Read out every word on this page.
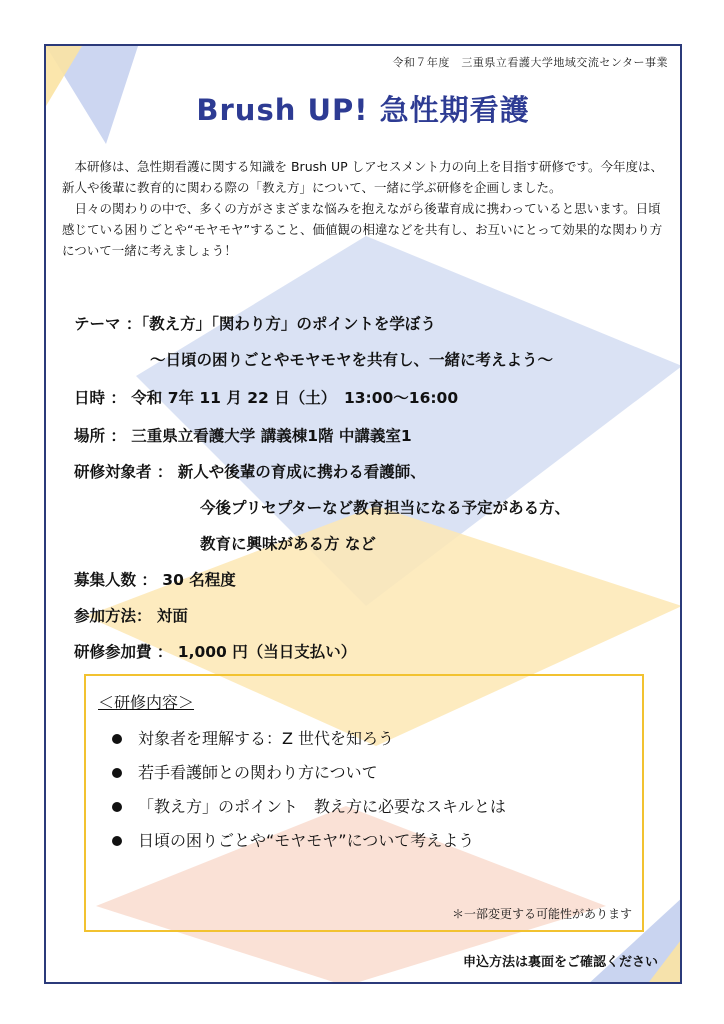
令和７年度　三重県立看護大学地域交流センター事業
Brush UP! 急性期看護

本研修は、急性期看護に関する知識を Brush UP しアセスメント力の向上を目指す研修です。今年度は、新人や後輩に教育的に関わる際の「教え方」について、一緒に学ぶ研修を企画しました。

日々の関わりの中で、多くの方がさまざまな悩みを抱えながら後輩育成に携わっていると思います。日頃感じている困りごとや“モヤモヤ”すること、価値観の相違などを共有し、お互いにとって効果的な関わり方について一緒に考えましょう！

テーマ ：「教え方」「関わり方」のポイントを学ぼう
～日頃の困りごとやモヤモヤを共有し、一緒に考えよう～
日時 ： 令和 7年 11 月 22 日（土）　13:00～16:00
場所 ： 三重県立看護大学 講義棟1階 中講義室1
研修対象者 ： 新人や後輩の育成に携わる看護師、
今後プリセプターなど教育担当になる予定がある方、
教育に興味がある方 など
募集人数 ： 30 名程度
参加方法： 対面
研修参加費 ： 1,000 円（当日支払い）
＜研修内容＞
対象者を理解する：Z 世代を知ろう
若手看護師との関わり方について
「教え方」のポイント　教え方に必要なスキルとは
日頃の困りごとや“モヤモヤ”について考えよう
＊一部変更する可能性があります
申込方法は裏面をご確認ください
